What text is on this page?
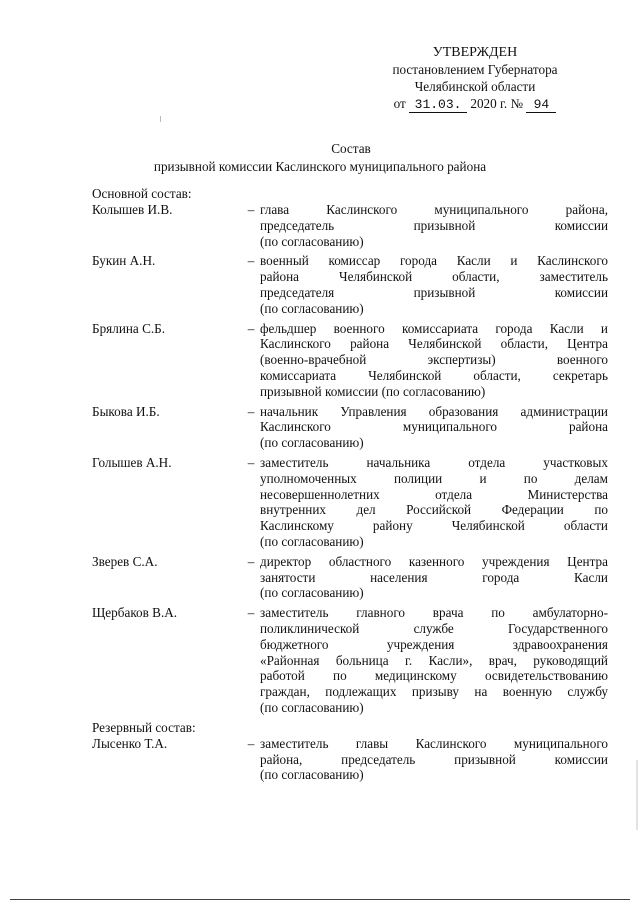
УТВЕРЖДЕН
постановлением Губернатора
Челябинской области
от 31.03. 2020 г. № 94
Состав
призывной комиссии Каслинского муниципального района
Основной состав:
Колышев И.В.	– глава Каслинского муниципального района,
председатель призывной комиссии
(по согласованию)
Букин А.Н.	– военный комиссар города Касли и Каслинского
района Челябинской области, заместитель
председателя призывной комиссии
(по согласованию)
Брялина С.Б.	– фельдшер военного комиссариата города Касли и
Каслинского района Челябинской области, Центра
(военно-врачебной экспертизы) военного
комиссариата Челябинской области, секретарь
призывной комиссии (по согласованию)
Быкова И.Б.	– начальник Управления образования администрации
Каслинского муниципального района
(по согласованию)
Голышев А.Н.	– заместитель начальника отдела участковых
уполномоченных полиции и по делам
несовершеннолетних отдела Министерства
внутренних дел Российской Федерации по
Каслинскому району Челябинской области
(по согласованию)
Зверев С.А.	– директор областного казенного учреждения Центра
занятости населения города Касли
(по согласованию)
Щербаков В.А.	– заместитель главного врача по амбулаторно-
поликлинической службе Государственного
бюджетного учреждения здравоохранения
«Районная больница г. Касли», врач, руководящий
работой по медицинскому освидетельствованию
граждан, подлежащих призыву на военную службу
(по согласованию)
Резервный состав:
Лысенко Т.А.	– заместитель главы Каслинского муниципального
района, председатель призывной комиссии
(по согласованию)
